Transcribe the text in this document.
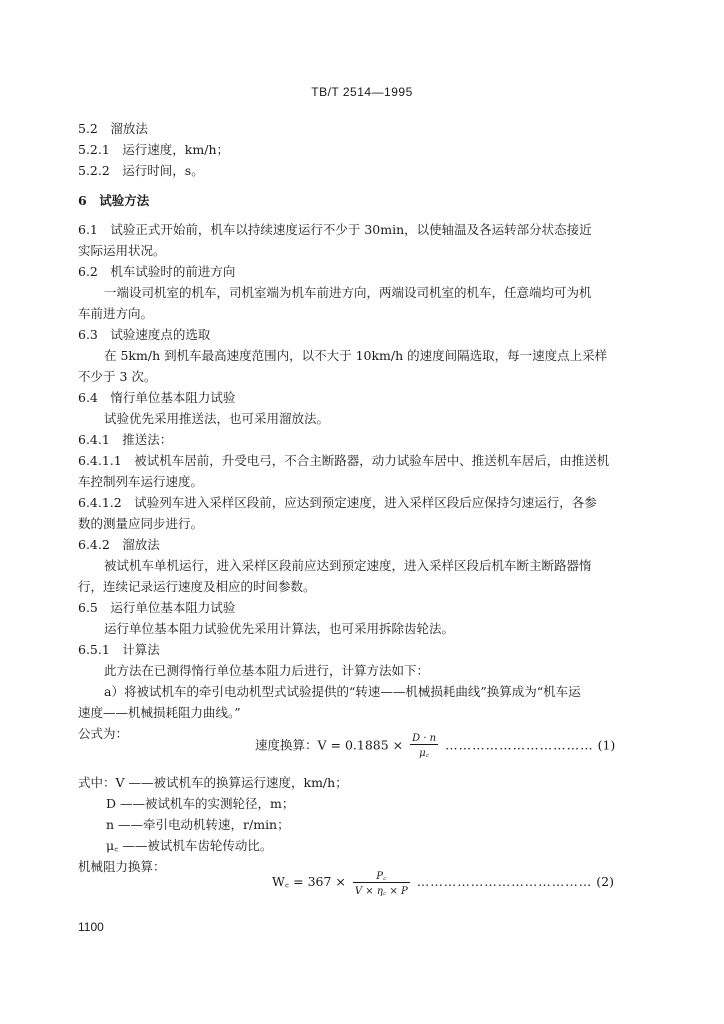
TB/T 2514—1995
5.2　溜放法
5.2.1　运行速度，km/h；
5.2.2　运行时间，s。
6　试验方法
6.1　试验正式开始前，机车以持续速度运行不少于 30min，以使轴温及各运转部分状态接近
实际运用状况。
6.2　机车试验时的前进方向
一端设司机室的机车，司机室端为机车前进方向，两端设司机室的机车，任意端均可为机
车前进方向。
6.3　试验速度点的选取
在 5km/h 到机车最高速度范围内，以不大于 10km/h 的速度间隔选取，每一速度点上采样
不少于 3 次。
6.4　惰行单位基本阻力试验
试验优先采用推送法，也可采用溜放法。
6.4.1　推送法：
6.4.1.1　被试机车居前，升受电弓，不合主断路器，动力试验车居中、推送机车居后，由推送机
车控制列车运行速度。
6.4.1.2　试验列车进入采样区段前，应达到预定速度，进入采样区段后应保持匀速运行，各参
数的测量应同步进行。
6.4.2　溜放法
被试机车单机运行，进入采样区段前应达到预定速度，进入采样区段后机车断主断路器惰
行，连续记录运行速度及相应的时间参数。
6.5　运行单位基本阻力试验
运行单位基本阻力试验优先采用计算法，也可采用拆除齿轮法。
6.5.1　计算法
此方法在已测得惰行单位基本阻力后进行，计算方法如下：
a）将被试机车的牵引电动机型式试验提供的“转速——机械损耗曲线”换算成为“机车运
速度——机械损耗阻力曲线。”
公式为：
式中：V ——被试机车的换算运行速度，km/h；
D ——被试机车的实测轮径，m；
n ——牵引电动机转速，r/min；
μ꜀ ——被试机车齿轮传动比。
机械阻力换算：
速度换算：$V = 0.1885 \times \frac{D \cdot n}{\mu꜀}$ …………………………… (1)
W꜀ = $367 \times \frac{P꜀}{V \times \eta꜀ \times P}$ ………………………………… (2)
1100
